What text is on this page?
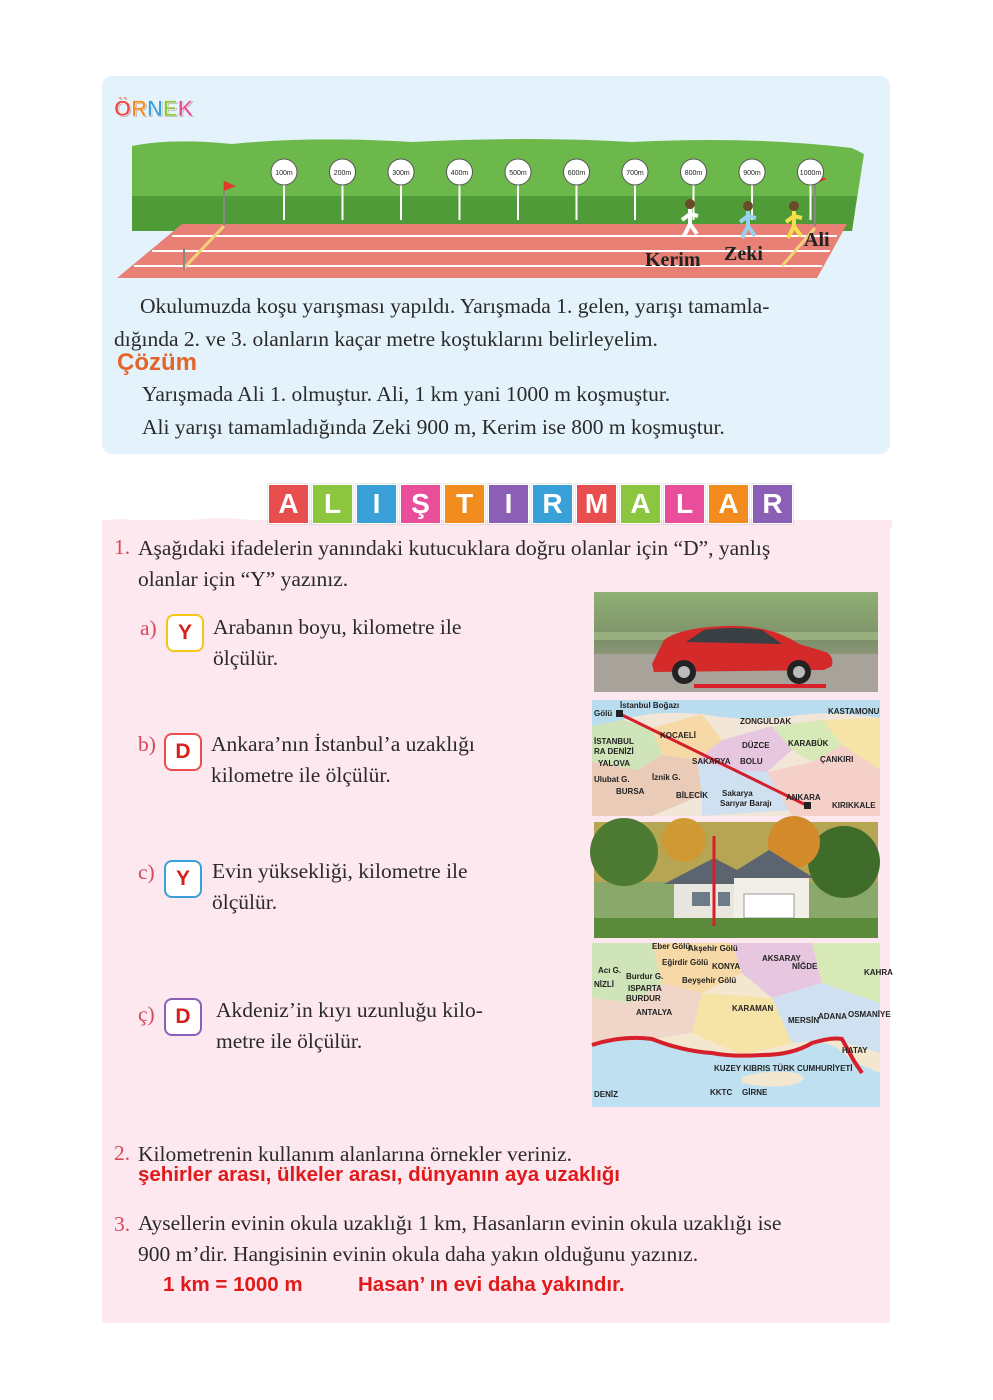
ÖRNEK
100m	200m	300m	400m	500m	600m	700m	800m	900m	1000m
Kerim Zeki
Ali
Okulumuzda koşu yarışması yapıldı. Yarışmada 1. gelen, yarışı tamamla-
dığında 2. ve 3. olanların kaçar metre koştuklarını belirleyelim.
Çözüm
Yarışmada Ali 1. olmuştur. Ali, 1 km yani 1000 m koşmuştur.
Ali yarışı tamamladığında Zeki 900 m, Kerim ise 800 m koşmuştur.
A L	I	Ş T	I	R M A L A R
1. Aşağıdaki ifadelerin yanındaki kutucuklara doğru olanlar için “D”, yanlış
olanlar için “Y” yazınız.
a)	Y Arabanın boyu, kilometre ile
ölçülür.
b) D Ankara’nın İstanbul’a uzaklığı
kilometre ile ölçülür.
c)	Y	Evin yüksekliği, kilometre ile
ölçülür.
ç) D	Akdeniz’in kıyı uzunluğu kilo-
metre ile ölçülür.
İstanbul Boğazı
Gölü	KASTAMONU
ZONGULDAK
İSTANBUL
RA DENİZİ
KOCAELİ
DÜZCE KARABÜK
YALOVA	SAKARYA BOLU	ÇANKIRI
Ulubat G.	İznik G.
BURSA	BİLECİK Sakarya
Sarıyar Barajı
ANKARA
KIRIKKALE
Eber Gölü
Akşehir Gölü
Eğirdir Gölü	AKSARAY
Acı G.	KONYA	NİĞDE
Burdur G. Beyşehir Gölü
NİZLİ ISPARTA
BURDUR
KARAMAN
ANTALYA
MERSİN
ADANA OSMANİYE
KAHRA
HATAY
KUZEY KIBRIS TÜRK CUMHURİYETİ
DENİZ	KKTC GİRNE
2. Kilometrenin kullanım alanlarına örnekler veriniz.
şehirler arası, ülkeler arası, dünyanın aya uzaklığı
3. Aysellerin evinin okula uzaklığı 1 km, Hasanların evinin okula uzaklığı ise
900 m’dir. Hangisinin evinin okula daha yakın olduğunu yazınız.
1 km = 1000 m	Hasan’ ın evi daha yakındır.
